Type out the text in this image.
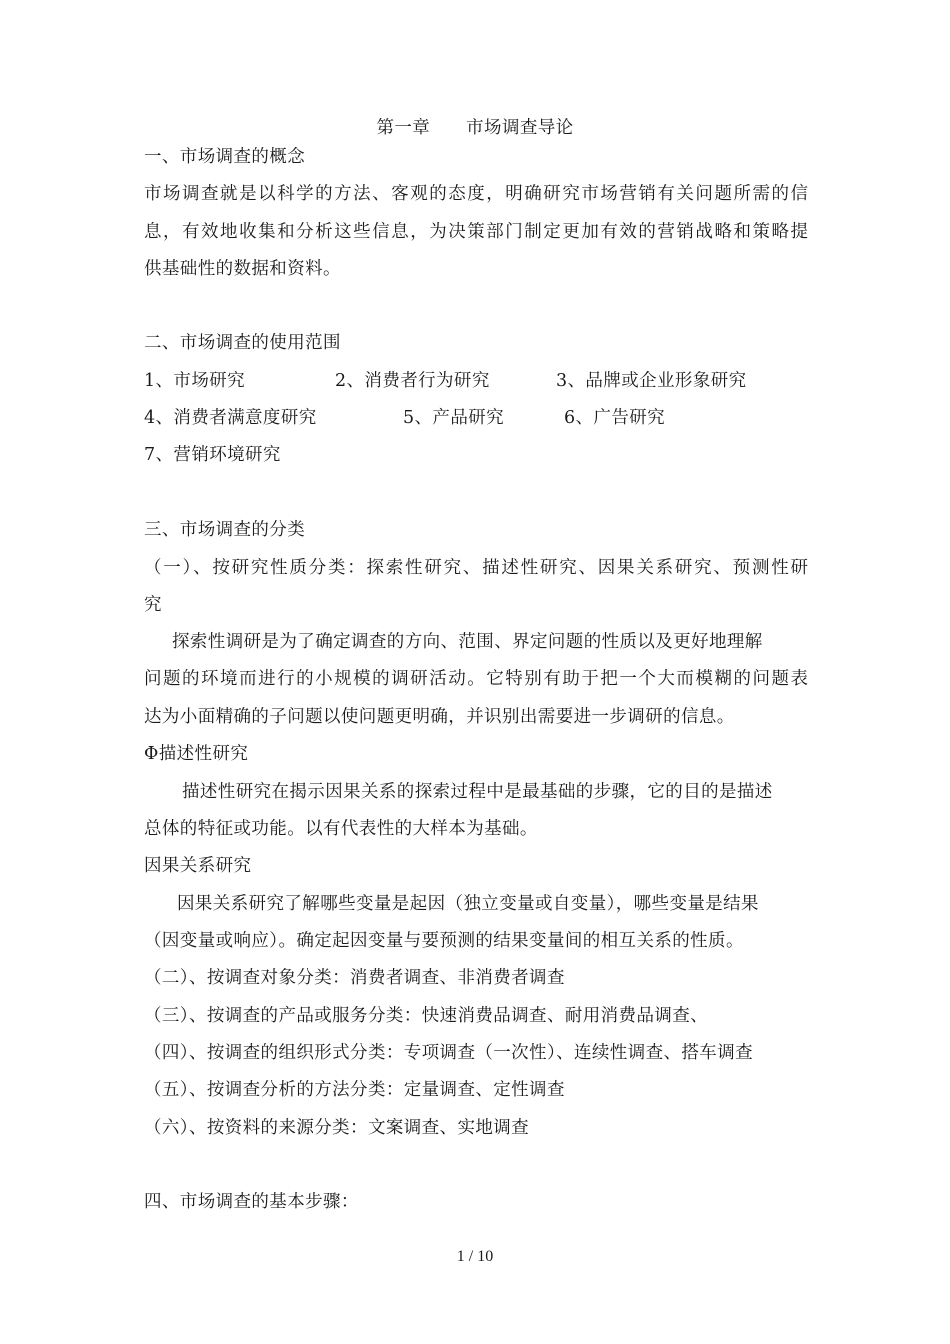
第一章 市场调查导论
一、市场调查的概念
市场调查就是以科学的方法、客观的态度，明确研究市场营销有关问题所需的信
息，有效地收集和分析这些信息，为决策部门制定更加有效的营销战略和策略提
供基础性的数据和资料。
二、市场调查的使用范围
1、市场研究	2、消费者行为研究	3、品牌或企业形象研究
4、消费者满意度研究	5、产品研究	6、广告研究
7、营销环境研究
三、市场调查的分类
（一）、按研究性质分类：探索性研究、描述性研究、因果关系研究、预测性研
究
探索性调研是为了确定调查的方向、范围、界定问题的性质以及更好地理解
问题的环境而进行的小规模的调研活动。它特别有助于把一个大而模糊的问题表
达为小面精确的子问题以使问题更明确，并识别出需要进一步调研的信息。
Φ描述性研究
描述性研究在揭示因果关系的探索过程中是最基础的步骤，它的目的是描述
总体的特征或功能。以有代表性的大样本为基础。
因果关系研究
因果关系研究了解哪些变量是起因（独立变量或自变量），哪些变量是结果
（因变量或响应）。确定起因变量与要预测的结果变量间的相互关系的性质。
（二）、按调查对象分类：消费者调查、非消费者调查
（三）、按调查的产品或服务分类：快速消费品调查、耐用消费品调查、
（四）、按调查的组织形式分类：专项调查（一次性）、连续性调查、搭车调查
（五）、按调查分析的方法分类：定量调查、定性调查
（六）、按资料的来源分类：文案调查、实地调查
四、市场调查的基本步骤：
1 / 10
